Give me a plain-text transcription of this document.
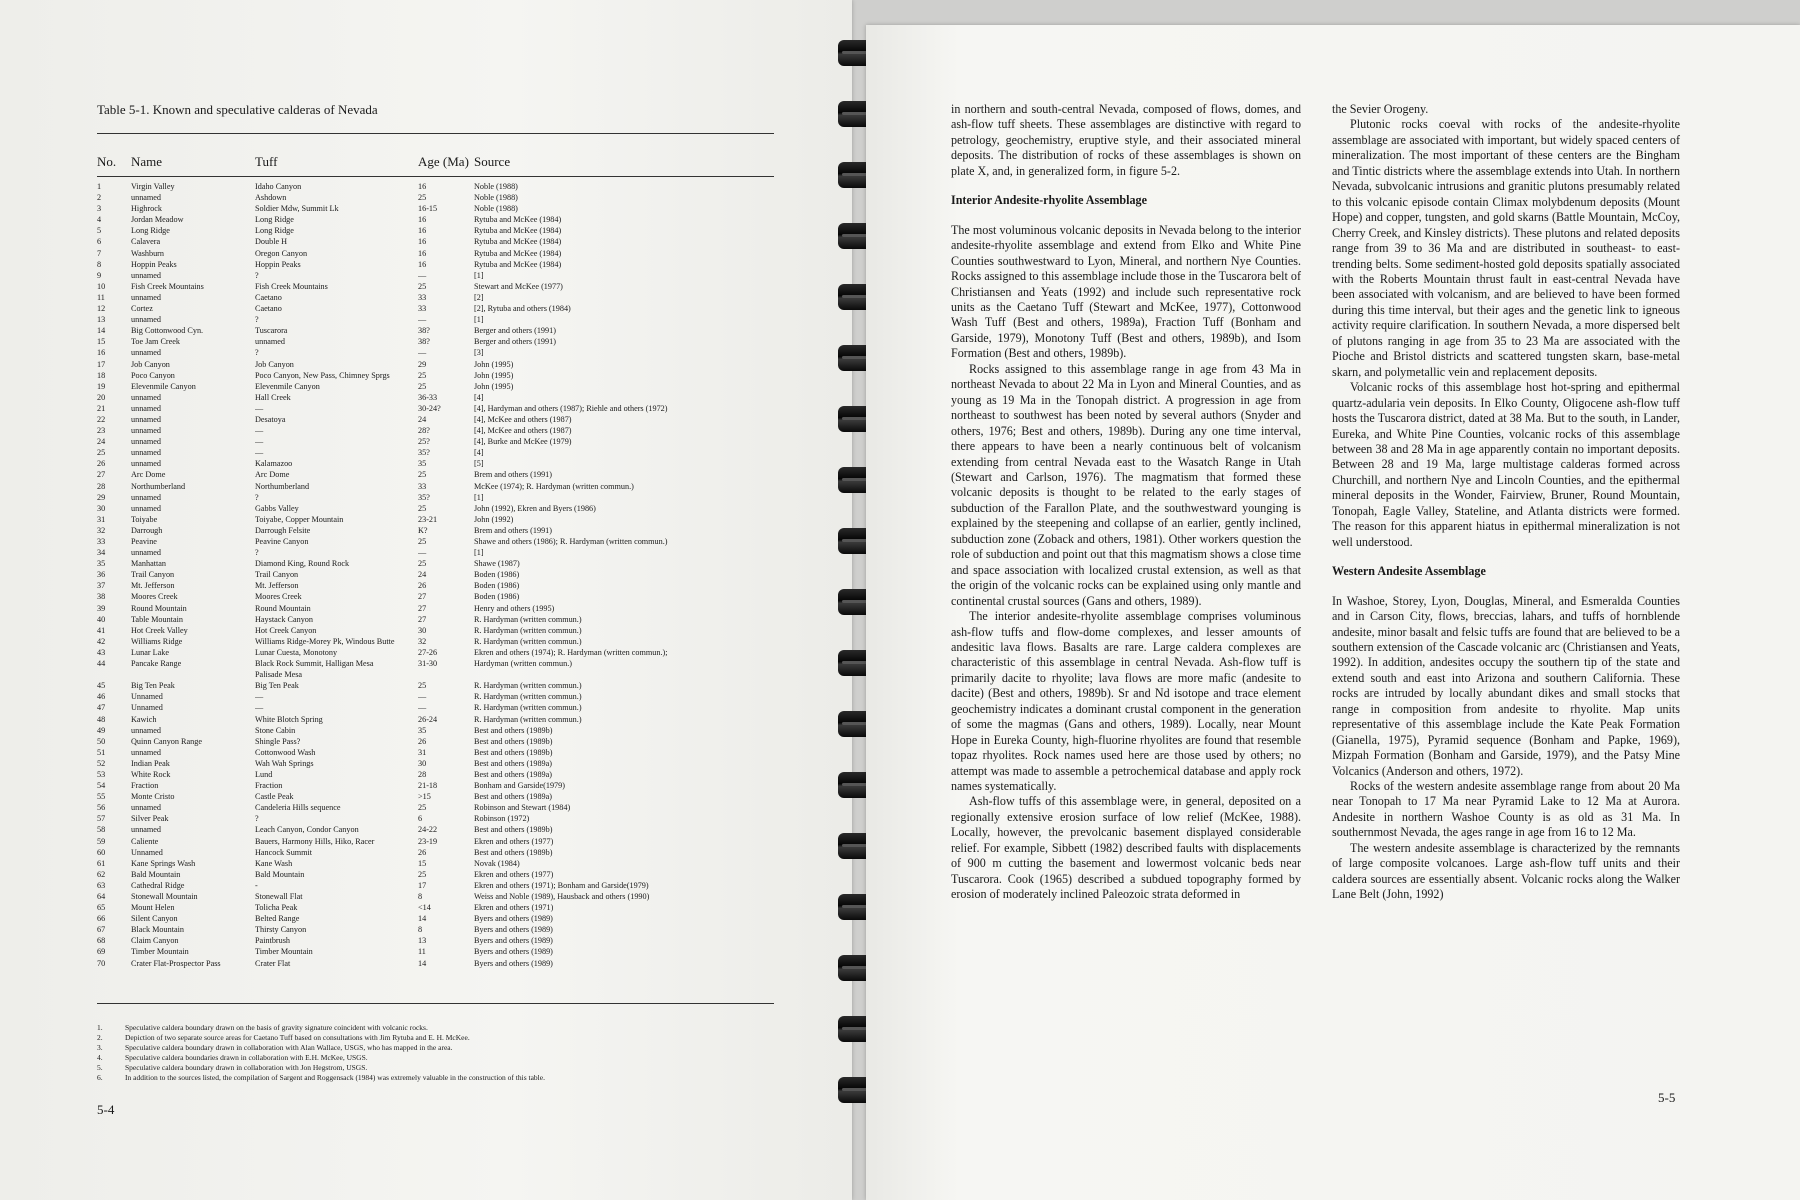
Table 5-1. Known and speculative calderas of Nevada
No.	Name	Tuff	Age (Ma)	Source

1	Virgin Valley	Idaho Canyon	16	Noble (1988)
2	unnamed	Ashdown	25	Noble (1988)
3	Highrock	Soldier Mdw, Summit Lk	16-15	Noble (1988)
4	Jordan Meadow	Long Ridge	16	Rytuba and McKee (1984)
5	Long Ridge	Long Ridge	16	Rytuba and McKee (1984)
6	Calavera	Double H	16	Rytuba and McKee (1984)
7	Washburn	Oregon Canyon	16	Rytuba and McKee (1984)
8	Hoppin Peaks	Hoppin Peaks	16	Rytuba and McKee (1984)
9	unnamed	?	—	[1]
10	Fish Creek Mountains	Fish Creek Mountains	25	Stewart and McKee (1977)
11	unnamed	Caetano	33	[2]
12	Cortez	Caetano	33	[2], Rytuba and others (1984)
13	unnamed	?	—	[1]
14	Big Cottonwood Cyn.	Tuscarora	38?	Berger and others (1991)
15	Toe Jam Creek	unnamed	38?	Berger and others (1991)
16	unnamed	?	—	[3]
17	Job Canyon	Job Canyon	29	John (1995)
18	Poco Canyon	Poco Canyon, New Pass, Chimney Sprgs	25	John (1995)
19	Elevenmile Canyon	Elevenmile Canyon	25	John (1995)
20	unnamed	Hall Creek	36-33	[4]
21	unnamed	—	30-24?	[4], Hardyman and others (1987); Riehle and others (1972)
22	unnamed	Desatoya	24	[4], McKee and others (1987)
23	unnamed	—	28?	[4], McKee and others (1987)
24	unnamed	—	25?	[4], Burke and McKee (1979)
25	unnamed	—	35?	[4]
26	unnamed	Kalamazoo	35	[5]
27	Arc Dome	Arc Dome	25	Brem and others (1991)
28	Northumberland	Northumberland	33	McKee (1974); R. Hardyman (written commun.)
29	unnamed	?	35?	[1]
30	unnamed	Gabbs Valley	25	John (1992), Ekren and Byers (1986)
31	Toiyabe	Toiyabe, Copper Mountain	23-21	John (1992)
32	Darrough	Darrough Felsite	K?	Brem and others (1991)
33	Peavine	Peavine Canyon	25	Shawe and others (1986); R. Hardyman (written commun.)
34	unnamed	?	—	[1]
35	Manhattan	Diamond King, Round Rock	25	Shawe (1987)
36	Trail Canyon	Trail Canyon	24	Boden (1986)
37	Mt. Jefferson	Mt. Jefferson	26	Boden (1986)
38	Moores Creek	Moores Creek	27	Boden (1986)
39	Round Mountain	Round Mountain	27	Henry and others (1995)
40	Table Mountain	Haystack Canyon	27	R. Hardyman (written commun.)
41	Hot Creek Valley	Hot Creek Canyon	30	R. Hardyman (written commun.)
42	Williams Ridge	Williams Ridge-Morey Pk, Windous Butte	32	R. Hardyman (written commun.)
43	Lunar Lake	Lunar Cuesta, Monotony	27-26	Ekren and others (1974); R. Hardyman (written commun.);
44	Pancake Range	Black Rock Summit, Halligan Mesa	31-30	Hardyman (written commun.)
		Palisade Mesa		
45	Big Ten Peak	Big Ten Peak	25	R. Hardyman (written commun.)
46	Unnamed	—	—	R. Hardyman (written commun.)
47	Unnamed	—	—	R. Hardyman (written commun.)
48	Kawich	White Blotch Spring	26-24	R. Hardyman (written commun.)
49	unnamed	Stone Cabin	35	Best and others (1989b)
50	Quinn Canyon Range	Shingle Pass?	26	Best and others (1989b)
51	unnamed	Cottonwood Wash	31	Best and others (1989b)
52	Indian Peak	Wah Wah Springs	30	Best and others (1989a)
53	White Rock	Lund	28	Best and others (1989a)
54	Fraction	Fraction	21-18	Bonham and Garside(1979)
55	Monte Cristo	Castle Peak	>15	Best and others (1989a)
56	unnamed	Candeleria Hills sequence	25	Robinson and Stewart (1984)
57	Silver Peak	?	6	Robinson (1972)
58	unnamed	Leach Canyon, Condor Canyon	24-22	Best and others (1989b)
59	Caliente	Bauers, Harmony Hills, Hiko, Racer	23-19	Ekren and others (1977)
60	Unnamed	Hancock Summit	26	Best and others (1989b)
61	Kane Springs Wash	Kane Wash	15	Novak (1984)
62	Bald Mountain	Bald Mountain	25	Ekren and others (1977)
63	Cathedral Ridge	-	17	Ekren and others (1971); Bonham and Garside(1979)
64	Stonewall Mountain	Stonewall Flat	8	Weiss and Noble (1989), Hausback and others (1990)
65	Mount Helen	Tolicha Peak	<14	Ekren and others (1971)
66	Silent Canyon	Belted Range	14	Byers and others (1989)
67	Black Mountain	Thirsty Canyon	8	Byers and others (1989)
68	Claim Canyon	Paintbrush	13	Byers and others (1989)
69	Timber Mountain	Timber Mountain	11	Byers and others (1989)
70	Crater Flat-Prospector Pass	Crater Flat	14	Byers and others (1989)
1.	Speculative caldera boundary drawn on the basis of gravity signature coincident with volcanic rocks.
2.	Depiction of two separate source areas for Caetano Tuff based on consultations with Jim Rytuba and E. H. McKee.
3.	Speculative caldera boundary drawn in collaboration with Alan Wallace, USGS, who has mapped in the area.
4.	Speculative caldera boundaries drawn in collaboration with E.H. McKee, USGS.
5.	Speculative caldera boundary drawn in collaboration with Jon Hegstrom, USGS.
6.	In addition to the sources listed, the compilation of Sargent and Roggensack (1984) was extremely valuable in the construction of this table.
5-4

in northern and south-central Nevada, composed of flows, domes, and ash-flow tuff sheets. These assemblages are distinctive with regard to petrology, geochemistry, eruptive style, and their associated mineral deposits. The distribution of rocks of these assemblages is shown on plate X, and, in generalized form, in figure 5-2.

Interior Andesite-rhyolite Assemblage

The most voluminous volcanic deposits in Nevada belong to the interior andesite-rhyolite assemblage and extend from Elko and White Pine Counties southwestward to Lyon, Mineral, and northern Nye Counties. Rocks assigned to this assemblage include those in the Tuscarora belt of Christiansen and Yeats (1992) and include such representative rock units as the Caetano Tuff (Stewart and McKee, 1977), Cottonwood Wash Tuff (Best and others, 1989a), Fraction Tuff (Bonham and Garside, 1979), Monotony Tuff (Best and others, 1989b), and Isom Formation (Best and others, 1989b).

Rocks assigned to this assemblage range in age from 43 Ma in northeast Nevada to about 22 Ma in Lyon and Mineral Counties, and as young as 19 Ma in the Tonopah district. A progression in age from northeast to southwest has been noted by several authors (Snyder and others, 1976; Best and others, 1989b). During any one time interval, there appears to have been a nearly continuous belt of volcanism extending from central Nevada east to the Wasatch Range in Utah (Stewart and Carlson, 1976). The magmatism that formed these volcanic deposits is thought to be related to the early stages of subduction of the Farallon Plate, and the southwestward younging is explained by the steepening and collapse of an earlier, gently inclined, subduction zone (Zoback and others, 1981). Other workers question the role of subduction and point out that this magmatism shows a close time and space association with localized crustal extension, as well as that the origin of the volcanic rocks can be explained using only mantle and continental crustal sources (Gans and others, 1989).

The interior andesite-rhyolite assemblage comprises voluminous ash-flow tuffs and flow-dome complexes, and lesser amounts of andesitic lava flows. Basalts are rare. Large caldera complexes are characteristic of this assemblage in central Nevada. Ash-flow tuff is primarily dacite to rhyolite; lava flows are more mafic (andesite to dacite) (Best and others, 1989b). Sr and Nd isotope and trace element geochemistry indicates a dominant crustal component in the generation of some the magmas (Gans and others, 1989). Locally, near Mount Hope in Eureka County, high-fluorine rhyolites are found that resemble topaz rhyolites. Rock names used here are those used by others; no attempt was made to assemble a petrochemical database and apply rock names systematically.

Ash-flow tuffs of this assemblage were, in general, deposited on a regionally extensive erosion surface of low relief (McKee, 1988). Locally, however, the prevolcanic basement displayed considerable relief. For example, Sibbett (1982) described faults with displacements of 900 m cutting the basement and lowermost volcanic beds near Tuscarora. Cook (1965) described a subdued topography formed by erosion of moderately inclined Paleozoic strata deformed in

the Sevier Orogeny.

Plutonic rocks coeval with rocks of the andesite-rhyolite assemblage are associated with important, but widely spaced centers of mineralization. The most important of these centers are the Bingham and Tintic districts where the assemblage extends into Utah. In northern Nevada, subvolcanic intrusions and granitic plutons presumably related to this volcanic episode contain Climax molybdenum deposits (Mount Hope) and copper, tungsten, and gold skarns (Battle Mountain, McCoy, Cherry Creek, and Kinsley districts). These plutons and related deposits range from 39 to 36 Ma and are distributed in southeast- to east-trending belts. Some sediment-hosted gold deposits spatially associated with the Roberts Mountain thrust fault in east-central Nevada have been associated with volcanism, and are believed to have been formed during this time interval, but their ages and the genetic link to igneous activity require clarification. In southern Nevada, a more dispersed belt of plutons ranging in age from 35 to 23 Ma are associated with the Pioche and Bristol districts and scattered tungsten skarn, base-metal skarn, and polymetallic vein and replacement deposits.

Volcanic rocks of this assemblage host hot-spring and epithermal quartz-adularia vein deposits. In Elko County, Oligocene ash-flow tuff hosts the Tuscarora district, dated at 38 Ma. But to the south, in Lander, Eureka, and White Pine Counties, volcanic rocks of this assemblage between 38 and 28 Ma in age apparently contain no important deposits. Between 28 and 19 Ma, large multistage calderas formed across Churchill, and northern Nye and Lincoln Counties, and the epithermal mineral deposits in the Wonder, Fairview, Bruner, Round Mountain, Tonopah, Eagle Valley, Stateline, and Atlanta districts were formed. The reason for this apparent hiatus in epithermal mineralization is not well understood.

Western Andesite Assemblage

In Washoe, Storey, Lyon, Douglas, Mineral, and Esmeralda Counties and in Carson City, flows, breccias, lahars, and tuffs of hornblende andesite, minor basalt and felsic tuffs are found that are believed to be a southern extension of the Cascade volcanic arc (Christiansen and Yeats, 1992). In addition, andesites occupy the southern tip of the state and extend south and east into Arizona and southern California. These rocks are intruded by locally abundant dikes and small stocks that range in composition from andesite to rhyolite. Map units representative of this assemblage include the Kate Peak Formation (Gianella, 1975), Pyramid sequence (Bonham and Papke, 1969), Mizpah Formation (Bonham and Garside, 1979), and the Patsy Mine Volcanics (Anderson and others, 1972).

Rocks of the western andesite assemblage range from about 20 Ma near Tonopah to 17 Ma near Pyramid Lake to 12 Ma at Aurora. Andesite in northern Washoe County is as old as 31 Ma. In southernmost Nevada, the ages range in age from 16 to 12 Ma.

The western andesite assemblage is characterized by the remnants of large composite volcanoes. Large ash-flow tuff units and their caldera sources are essentially absent. Volcanic rocks along the Walker Lane Belt (John, 1992)

5-5
